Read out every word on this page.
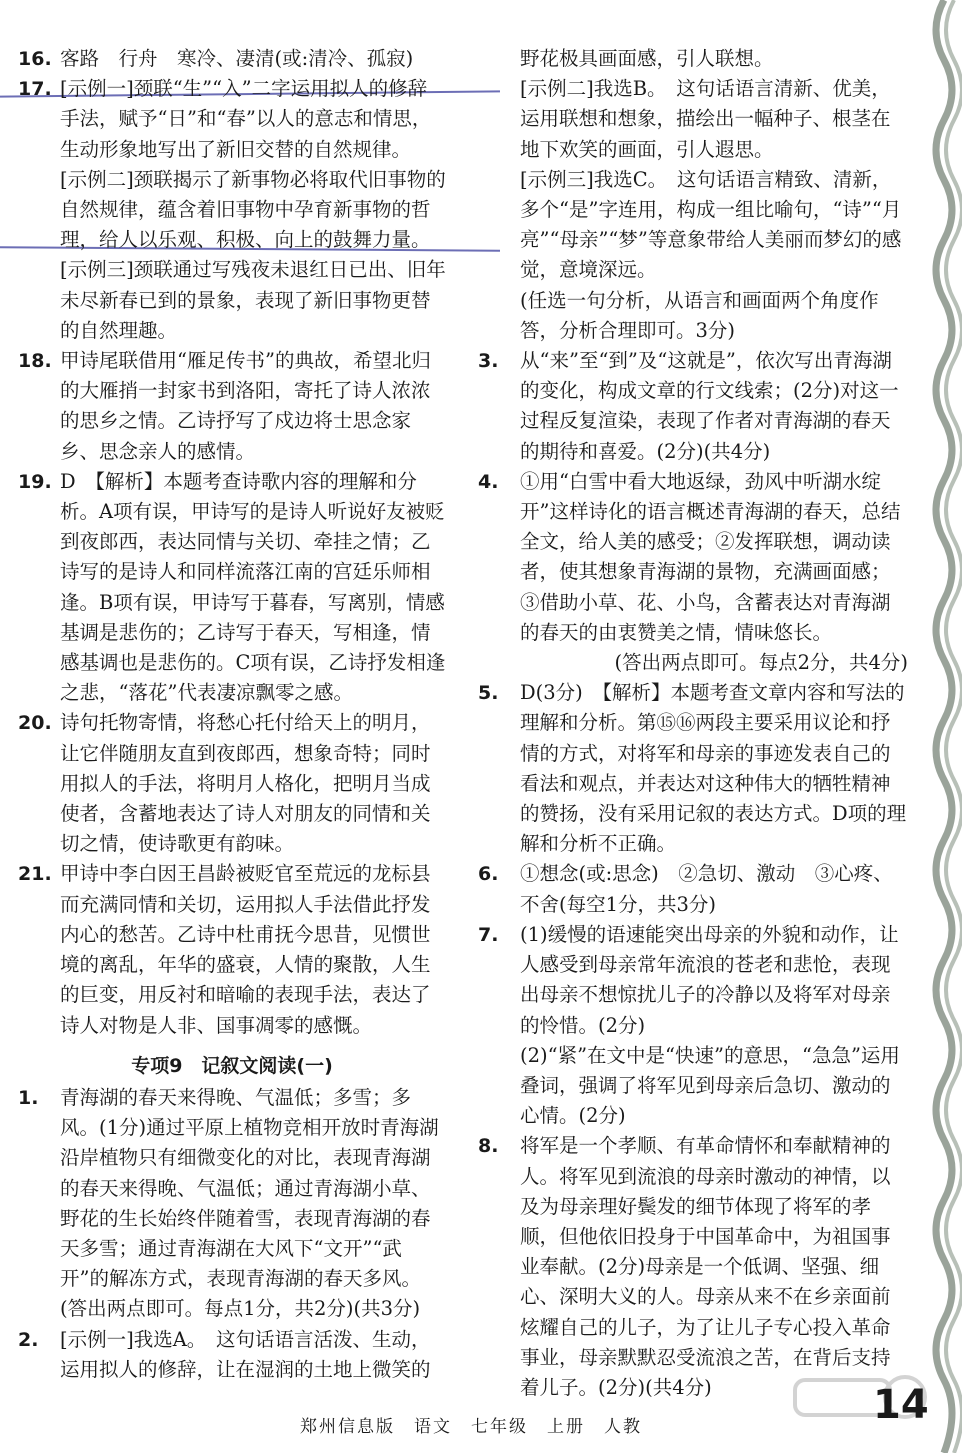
16. 客路　行舟　寒冷、凄清(或:清冷、孤寂)

17. [示例一]颈联“生”“入”二字运用拟人的修辞手法，赋予“日”和“春”以人的意志和情思，生动形象地写出了新旧交替的自然规律。

[示例二]颈联揭示了新事物必将取代旧事物的自然规律，蕴含着旧事物中孕育新事物的哲理，给人以乐观、积极、向上的鼓舞力量。

[示例三]颈联通过写残夜未退红日已出、旧年未尽新春已到的景象，表现了新旧事物更替的自然理趣。

18. 甲诗尾联借用“雁足传书”的典故，希望北归的大雁捎一封家书到洛阳，寄托了诗人浓浓的思乡之情。乙诗抒写了戍边将士思念家乡、思念亲人的感情。

19. D　【解析】本题考查诗歌内容的理解和分析。A项有误，甲诗写的是诗人听说好友被贬到夜郎西，表达同情与关切、牵挂之情；乙诗写的是诗人和同样流落江南的宫廷乐师相逢。B项有误，甲诗写于暮春，写离别，情感基调是悲伤的；乙诗写于春天，写相逢，情感基调也是悲伤的。C项有误，乙诗抒发相逢之悲，“落花”代表凄凉飘零之感。

20. 诗句托物寄情，将愁心托付给天上的明月，让它伴随朋友直到夜郎西，想象奇特；同时用拟人的手法，将明月人格化，把明月当成使者，含蓄地表达了诗人对朋友的同情和关切之情，使诗歌更有韵味。

21. 甲诗中李白因王昌龄被贬官至荒远的龙标县而充满同情和关切，运用拟人手法借此抒发内心的愁苦。乙诗中杜甫抚今思昔，见惯世境的离乱，年华的盛衰，人情的聚散，人生的巨变，用反衬和暗喻的表现手法，表达了诗人对物是人非、国事凋零的感慨。

专项9　记叙文阅读(一)
1. 青海湖的春天来得晚、气温低；多雪；多风。(1分)通过平原上植物竞相开放时青海湖沿岸植物只有细微变化的对比，表现青海湖的春天来得晚、气温低；通过青海湖小草、野花的生长始终伴随着雪，表现青海湖的春天多雪；通过青海湖在大风下“文开”“武开”的解冻方式，表现青海湖的春天多风。(答出两点即可。每点1分，共2分)(共3分)

2. [示例一]我选A。　这句话语言活泼、生动，运用拟人的修辞，让在湿润的土地上微笑的

野花极具画面感，引人联想。

[示例二]我选B。　这句话语言清新、优美，运用联想和想象，描绘出一幅种子、根茎在地下欢笑的画面，引人遐思。

[示例三]我选C。　这句话语言精致、清新，多个“是”字连用，构成一组比喻句，“诗”“月亮”“母亲”“梦”等意象带给人美丽而梦幻的感觉，意境深远。

(任选一句分析，从语言和画面两个角度作答，分析合理即可。3分)

3. 从“来”至“到”及“这就是”，依次写出青海湖的变化，构成文章的行文线索；(2分)对这一过程反复渲染，表现了作者对青海湖的春天的期待和喜爱。(2分)(共4分)

4. ①用“白雪中看大地返绿，劲风中听湖水绽开”这样诗化的语言概述青海湖的春天，总结全文，给人美的感受；②发挥联想，调动读者，使其想象青海湖的景物，充满画面感；③借助小草、花、小鸟，含蓄表达对青海湖的春天的由衷赞美之情，情味悠长。

(答出两点即可。每点2分，共4分)

5. D(3分)　【解析】本题考查文章内容和写法的理解和分析。第⑮⑯两段主要采用议论和抒情的方式，对将军和母亲的事迹发表自己的看法和观点，并表达对这种伟大的牺牲精神的赞扬，没有采用记叙的表达方式。D项的理解和分析不正确。

6. ①想念(或:思念)　②急切、激动　③心疼、不舍(每空1分，共3分)

7. (1)缓慢的语速能突出母亲的外貌和动作，让人感受到母亲常年流浪的苍老和悲怆，表现出母亲不想惊扰儿子的冷静以及将军对母亲的怜惜。(2分)

(2)“紧”在文中是“快速”的意思，“急急”运用叠词，强调了将军见到母亲后急切、激动的心情。(2分)

8. 将军是一个孝顺、有革命情怀和奉献精神的人。将军见到流浪的母亲时激动的神情，以及为母亲理好鬓发的细节体现了将军的孝顺，但他依旧投身于中国革命中，为祖国事业奉献。(2分)母亲是一个低调、坚强、细心、深明大义的人。母亲从来不在乡亲面前炫耀自己的儿子，为了让儿子专心投入革命事业，母亲默默忍受流浪之苦，在背后支持着儿子。(2分)(共4分)	14
郑州信息版　语文　七年级　上册　人教
